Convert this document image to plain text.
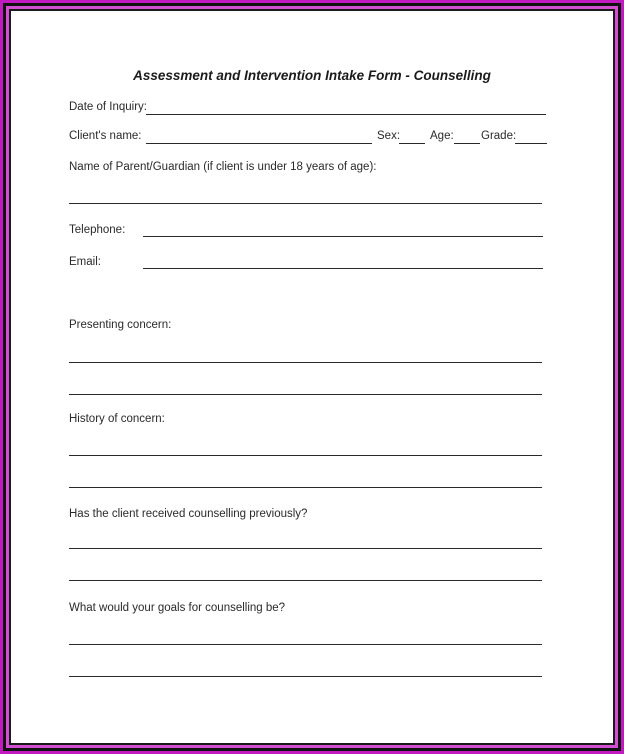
Assessment and Intervention Intake Form - Counselling
Date of Inquiry:
Client's name:	Sex:	Age: Grade:
Name of Parent/Guardian (if client is under 18 years of age):
Telephone:
Email:
Presenting concern:
History of concern:
Has the client received counselling previously?
What would your goals for counselling be?
